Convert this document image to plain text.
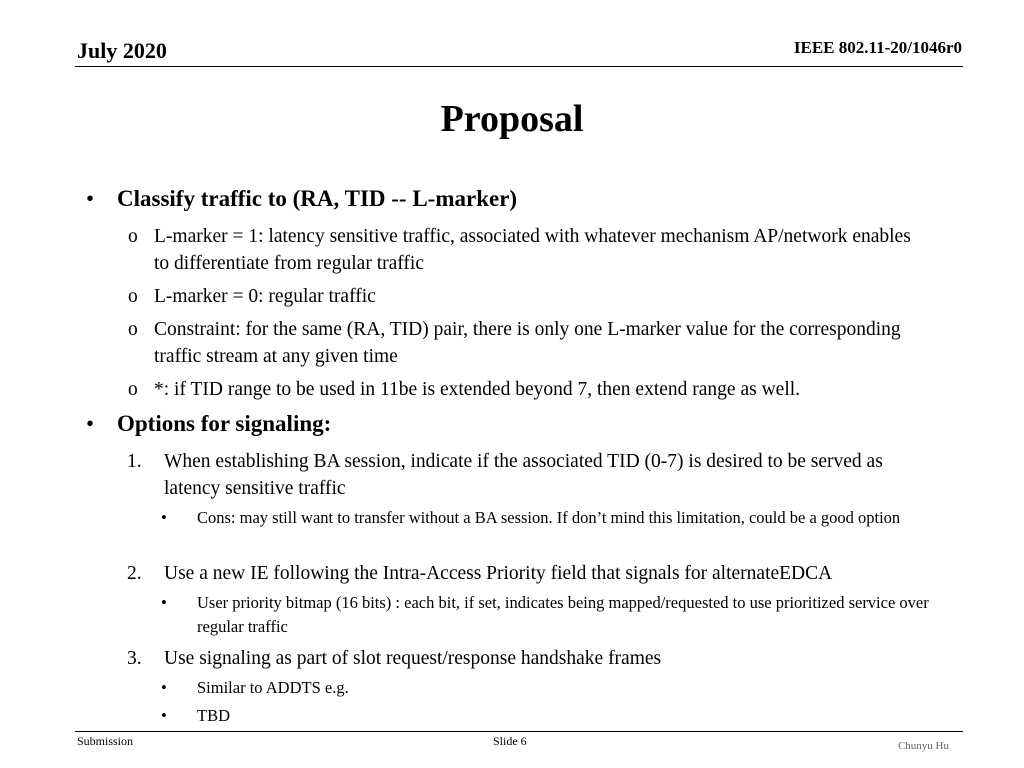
July 2020	IEEE 802.11-20/1046r0
Proposal
• Classify traffic to (RA, TID -- L-marker)
o L-marker = 1: latency sensitive traffic, associated with whatever mechanism AP/network enables to differentiate from regular traffic
o L-marker = 0: regular traffic
o Constraint: for the same (RA, TID) pair, there is only one L-marker value for the corresponding traffic stream at any given time
o *: if TID range to be used in 11be is extended beyond 7, then extend range as well.
• Options for signaling:
1. When establishing BA session, indicate if the associated TID (0-7) is desired to be served as latency sensitive traffic
• Cons: may still want to transfer without a BA session. If don’t mind this limitation, could be a good option
2. Use a new IE following the Intra-Access Priority field that signals for alternateEDCA
• User priority bitmap (16 bits) : each bit, if set, indicates being mapped/requested to use prioritized service over regular traffic
3. Use signaling as part of slot request/response handshake frames
• Similar to ADDTS e.g.
• TBD
Submission	Slide 6	Chunyu Hu
